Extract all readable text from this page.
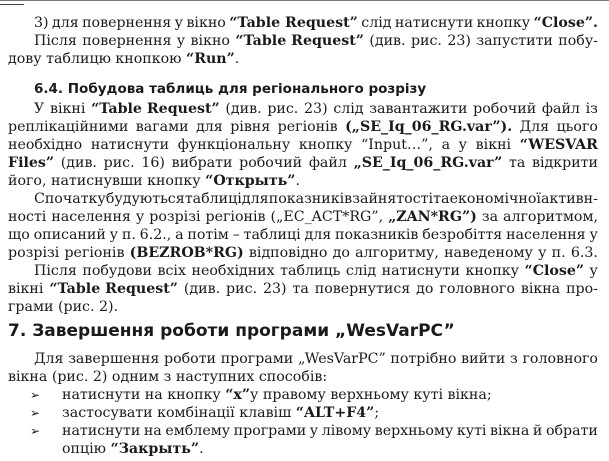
3) для повернення у вікно “Table Request” слід натиснути кнопку “Close”.
Після повернення у вікно “Table Request” (див. рис. 23) запустити побу-
дову таблицю кнопкою “Run”.
6.4. Побудова таблиць для регіонального розрізу
У вікні “Table Request” (див. рис. 23) слід завантажити робочий файл із
реплікаційними вагами для рівня регіонів („SE_Iq_06_RG.var”). Для цього
необхідно натиснути функціональну кнопку “Input…”, а у вікні “WESVAR
Files” (див. рис. 16) вибрати робочий файл „SE_Iq_06_RG.var” та відкрити
його, натиснувши кнопку “Открыть”.
Спочатку будуються таблиці для показників зайнятості та економічної активн-
ності населення у розрізі регіонів („EC_ACT*RG”, „ZAN*RG”) за алгоритмом,
що описаний у п. 6.2., а потім – таблиці для показників безробіття населення у
розрізі регіонів (BEZROB*RG) відповідно до алгоритму, наведеному у п. 6.3.
Після побудови всіх необхідних таблиць слід натиснути кнопку “Close” у
вікні “Table Request” (див. рис. 23) та повернутися до головного вікна про-
грами (рис. 2).
7. Завершення роботи програми „WesVarPC”
Для завершення роботи програми „WesVarPC” потрібно вийти з головного
вікна (рис. 2) одним з наступних способів:
➢ натиснути на кнопку “x”у правому верхньому куті вікна;
➢ застосувати комбінації клавіш “ALT+F4”;
➢ натиснути на емблему програми у лівому верхньому куті вікна й обрати
опцію “Закрыть”.
